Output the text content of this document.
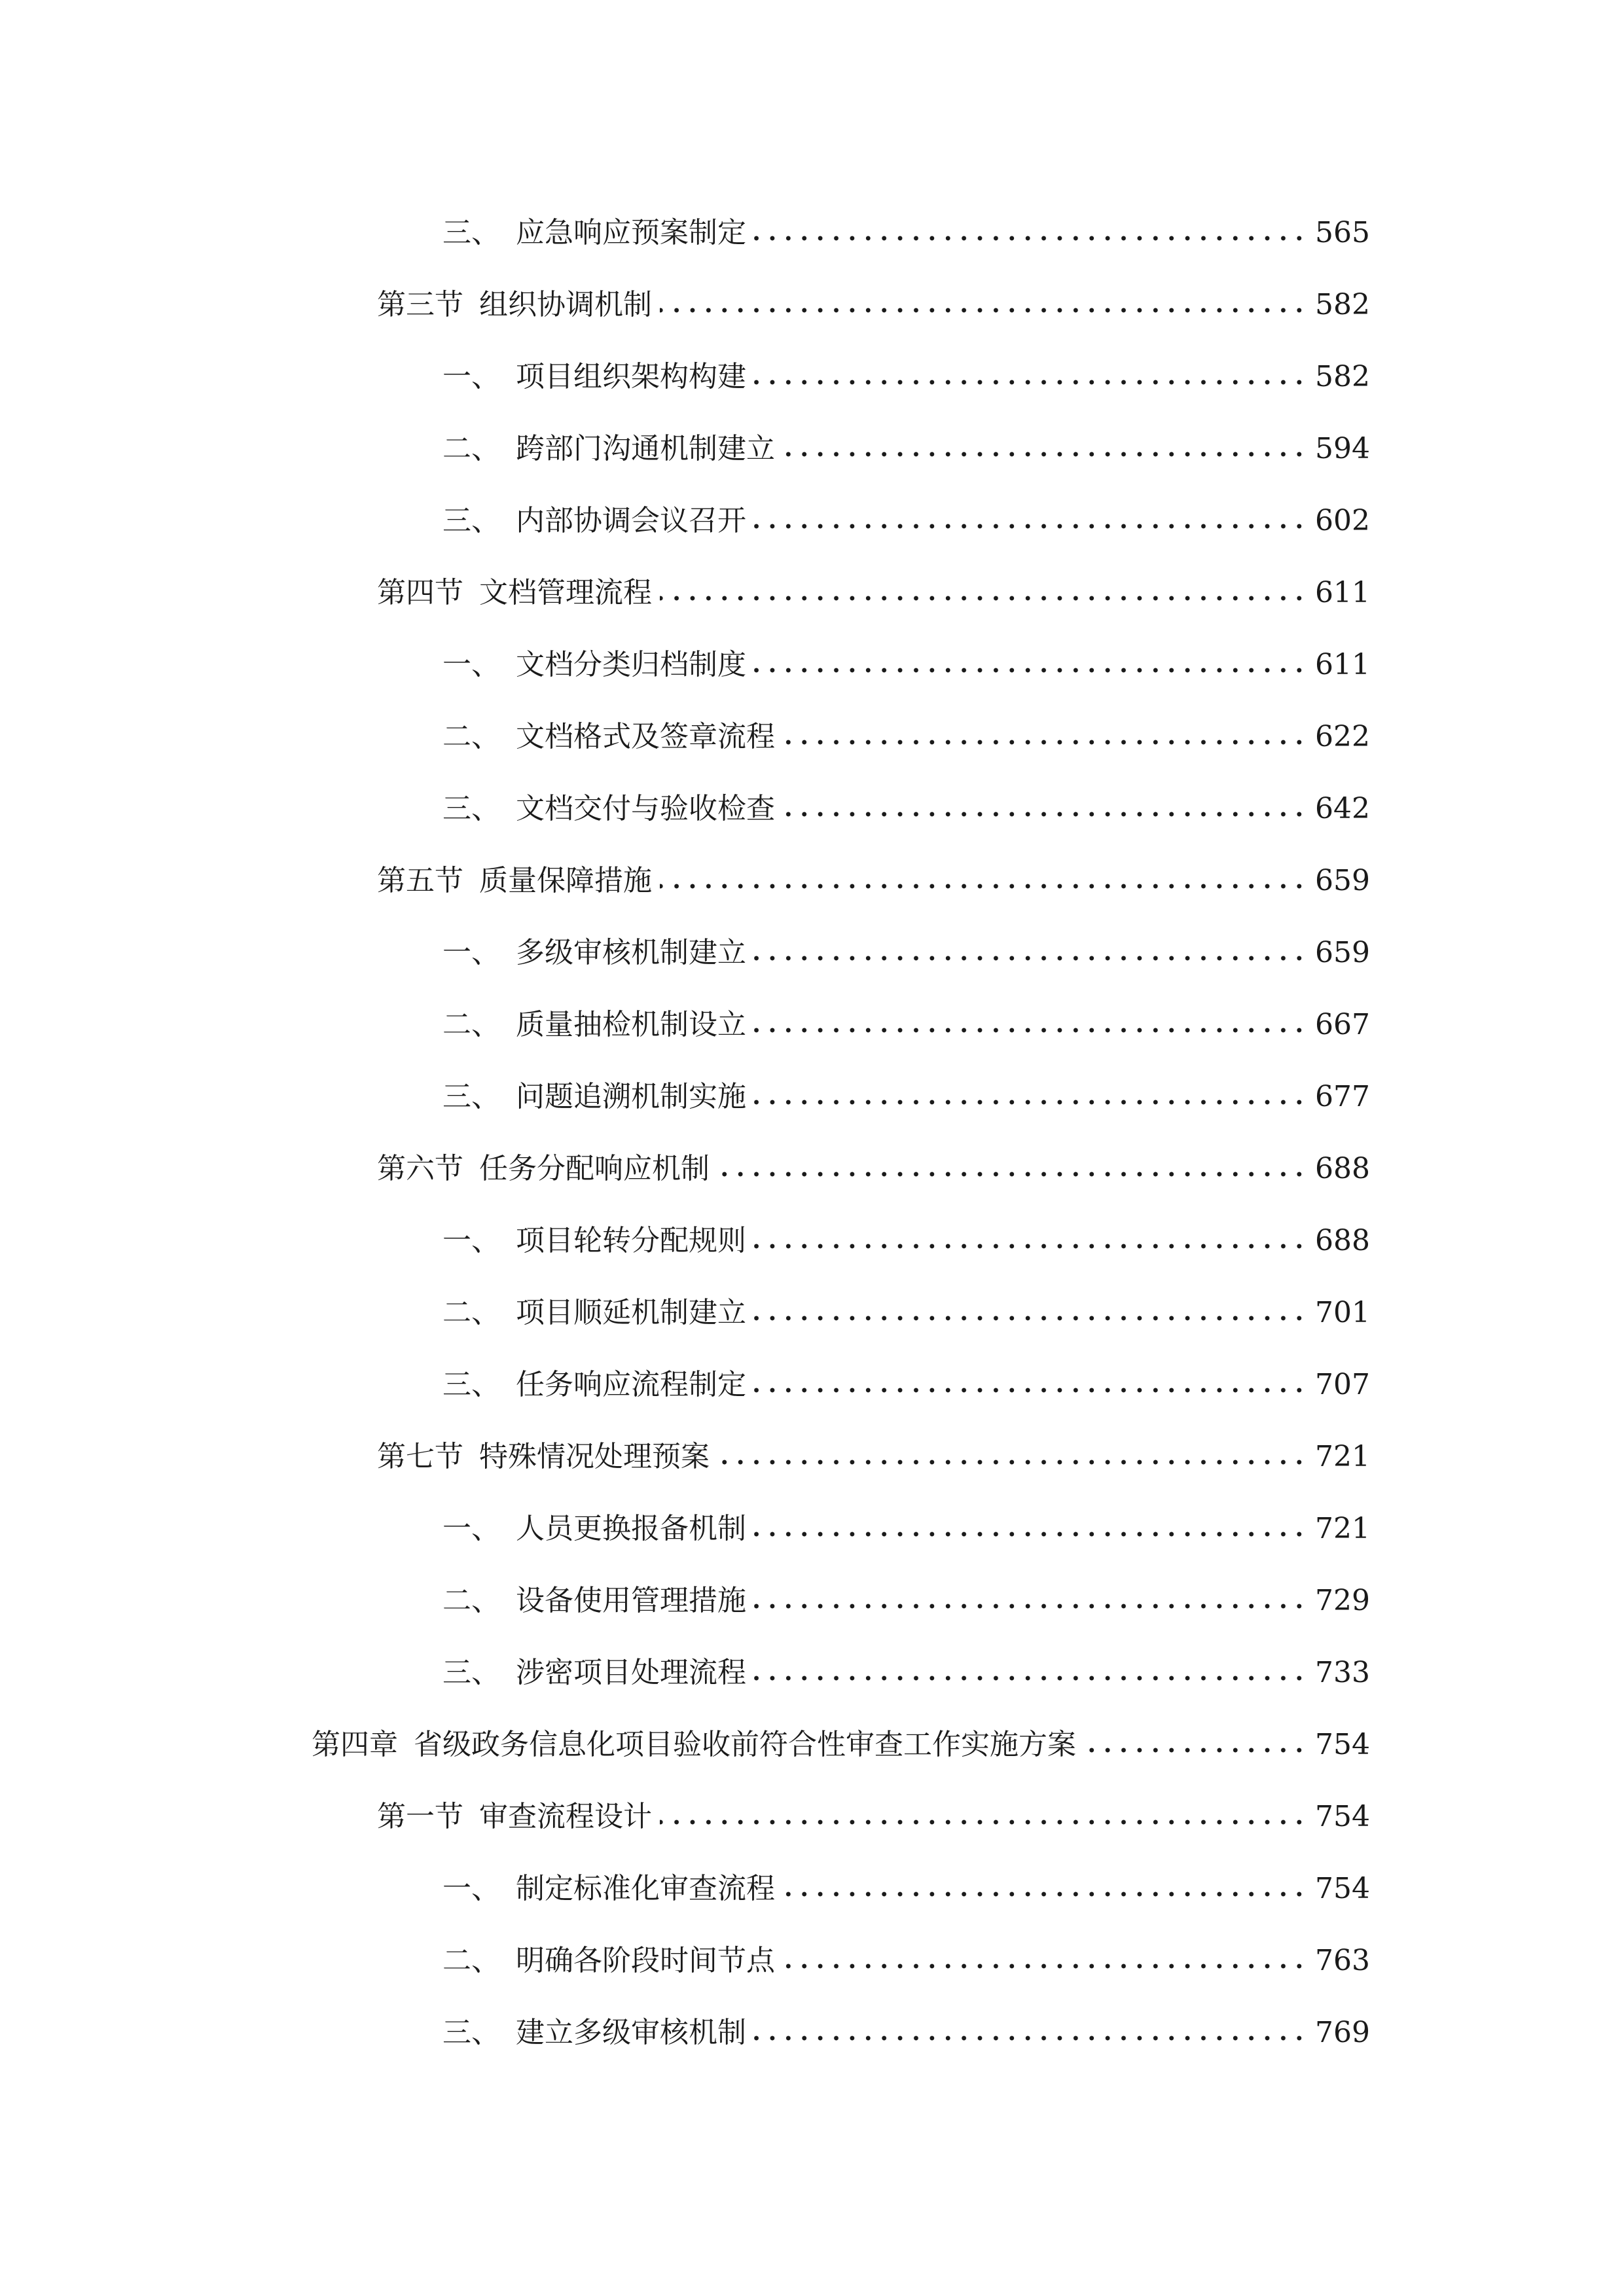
三、 应急响应预案制定	565
第三节 组织协调机制	582
一、 项目组织架构构建	582
二、 跨部门沟通机制建立	594
三、 内部协调会议召开	602
第四节 文档管理流程	611
一、 文档分类归档制度	611
二、 文档格式及签章流程	622
三、 文档交付与验收检查	642
第五节 质量保障措施	659
一、 多级审核机制建立	659
二、 质量抽检机制设立	667
三、 问题追溯机制实施	677
第六节 任务分配响应机制	688
一、 项目轮转分配规则	688
二、 项目顺延机制建立	701
三、 任务响应流程制定	707
第七节 特殊情况处理预案	721
一、 人员更换报备机制	721
二、 设备使用管理措施	729
三、 涉密项目处理流程	733
第四章 省级政务信息化项目验收前符合性审查工作实施方案	754
第一节 审查流程设计	754
一、 制定标准化审查流程	754
二、 明确各阶段时间节点	763
三、 建立多级审核机制	769
